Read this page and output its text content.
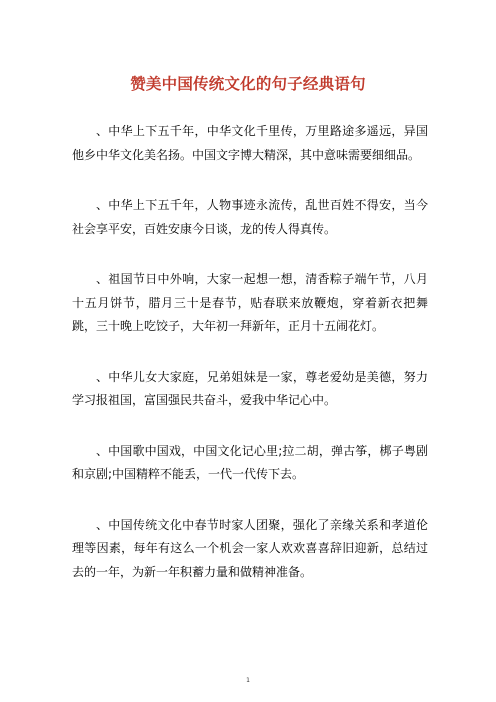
赞美中国传统文化的句子经典语句

、中华上下五千年，中华文化千里传，万里路途多遥远，异国他乡中华文化美名扬。中国文字博大精深，其中意味需要细细品。

、中华上下五千年，人物事迹永流传，乱世百姓不得安，当今社会享平安，百姓安康今日谈，龙的传人得真传。

、祖国节日中外响，大家一起想一想，清香粽子端午节，八月十五月饼节，腊月三十是春节，贴春联来放鞭炮，穿着新衣把舞跳，三十晚上吃饺子，大年初一拜新年，正月十五闹花灯。

、中华儿女大家庭，兄弟姐妹是一家，尊老爱幼是美德，努力学习报祖国，富国强民共奋斗，爱我中华记心中。

、中国歌中国戏，中国文化记心里;拉二胡，弹古筝，梆子粤剧和京剧;中国精粹不能丢，一代一代传下去。

、中国传统文化中春节时家人团聚，强化了亲缘关系和孝道伦理等因素，每年有这么一个机会一家人欢欢喜喜辞旧迎新，总结过去的一年，为新一年积蓄力量和做精神准备。

1
